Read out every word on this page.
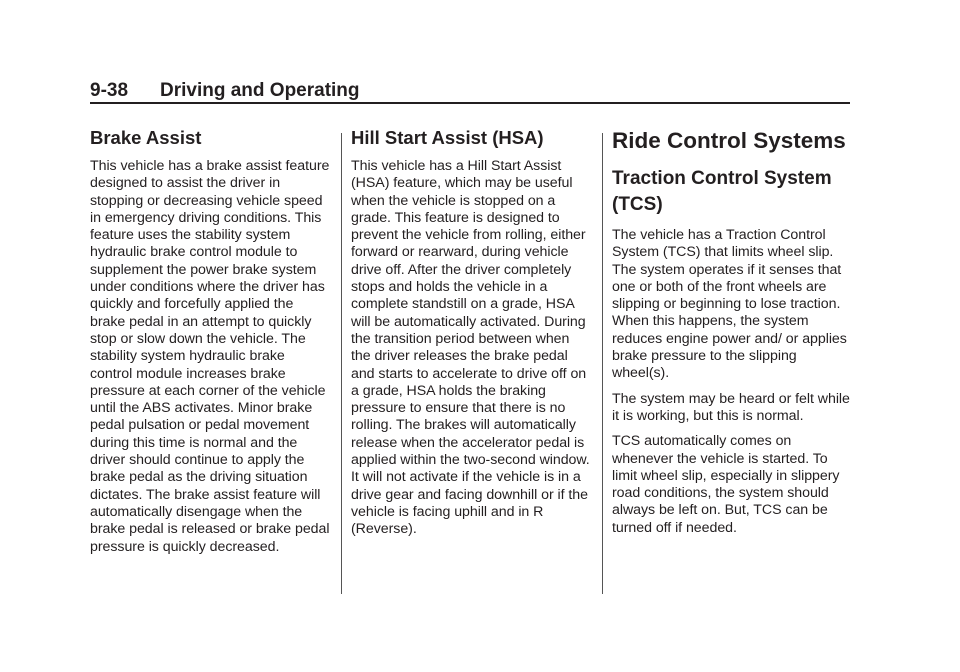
9-38 Driving and Operating
Brake Assist

This vehicle has a brake assist feature designed to assist the driver in stopping or decreasing vehicle speed in emergency driving conditions. This feature uses the stability system hydraulic brake control module to supplement the power brake system under conditions where the driver has quickly and forcefully applied the brake pedal in an attempt to quickly stop or slow down the vehicle. The stability system hydraulic brake control module increases brake pressure at each corner of the vehicle until the ABS activates. Minor brake pedal pulsation or pedal movement during this time is normal and the driver should continue to apply the brake pedal as the driving situation dictates. The brake assist feature will automatically disengage when the brake pedal is released or brake pedal pressure is quickly decreased.

Hill Start Assist (HSA)

This vehicle has a Hill Start Assist (HSA) feature, which may be useful when the vehicle is stopped on a grade. This feature is designed to prevent the vehicle from rolling, either forward or rearward, during vehicle drive off. After the driver completely stops and holds the vehicle in a complete standstill on a grade, HSA will be automatically activated. During the transition period between when the driver releases the brake pedal and starts to accelerate to drive off on a grade, HSA holds the braking pressure to ensure that there is no rolling. The brakes will automatically release when the accelerator pedal is applied within the two-second window. It will not activate if the vehicle is in a drive gear and facing downhill or if the vehicle is facing uphill and in R (Reverse).

Ride Control Systems
Traction Control System (TCS)

The vehicle has a Traction Control System (TCS) that limits wheel slip. The system operates if it senses that one or both of the front wheels are slipping or beginning to lose traction. When this happens, the system reduces engine power and/ or applies brake pressure to the slipping wheel(s).

The system may be heard or felt while it is working, but this is normal.

TCS automatically comes on whenever the vehicle is started. To limit wheel slip, especially in slippery road conditions, the system should always be left on. But, TCS can be turned off if needed.
